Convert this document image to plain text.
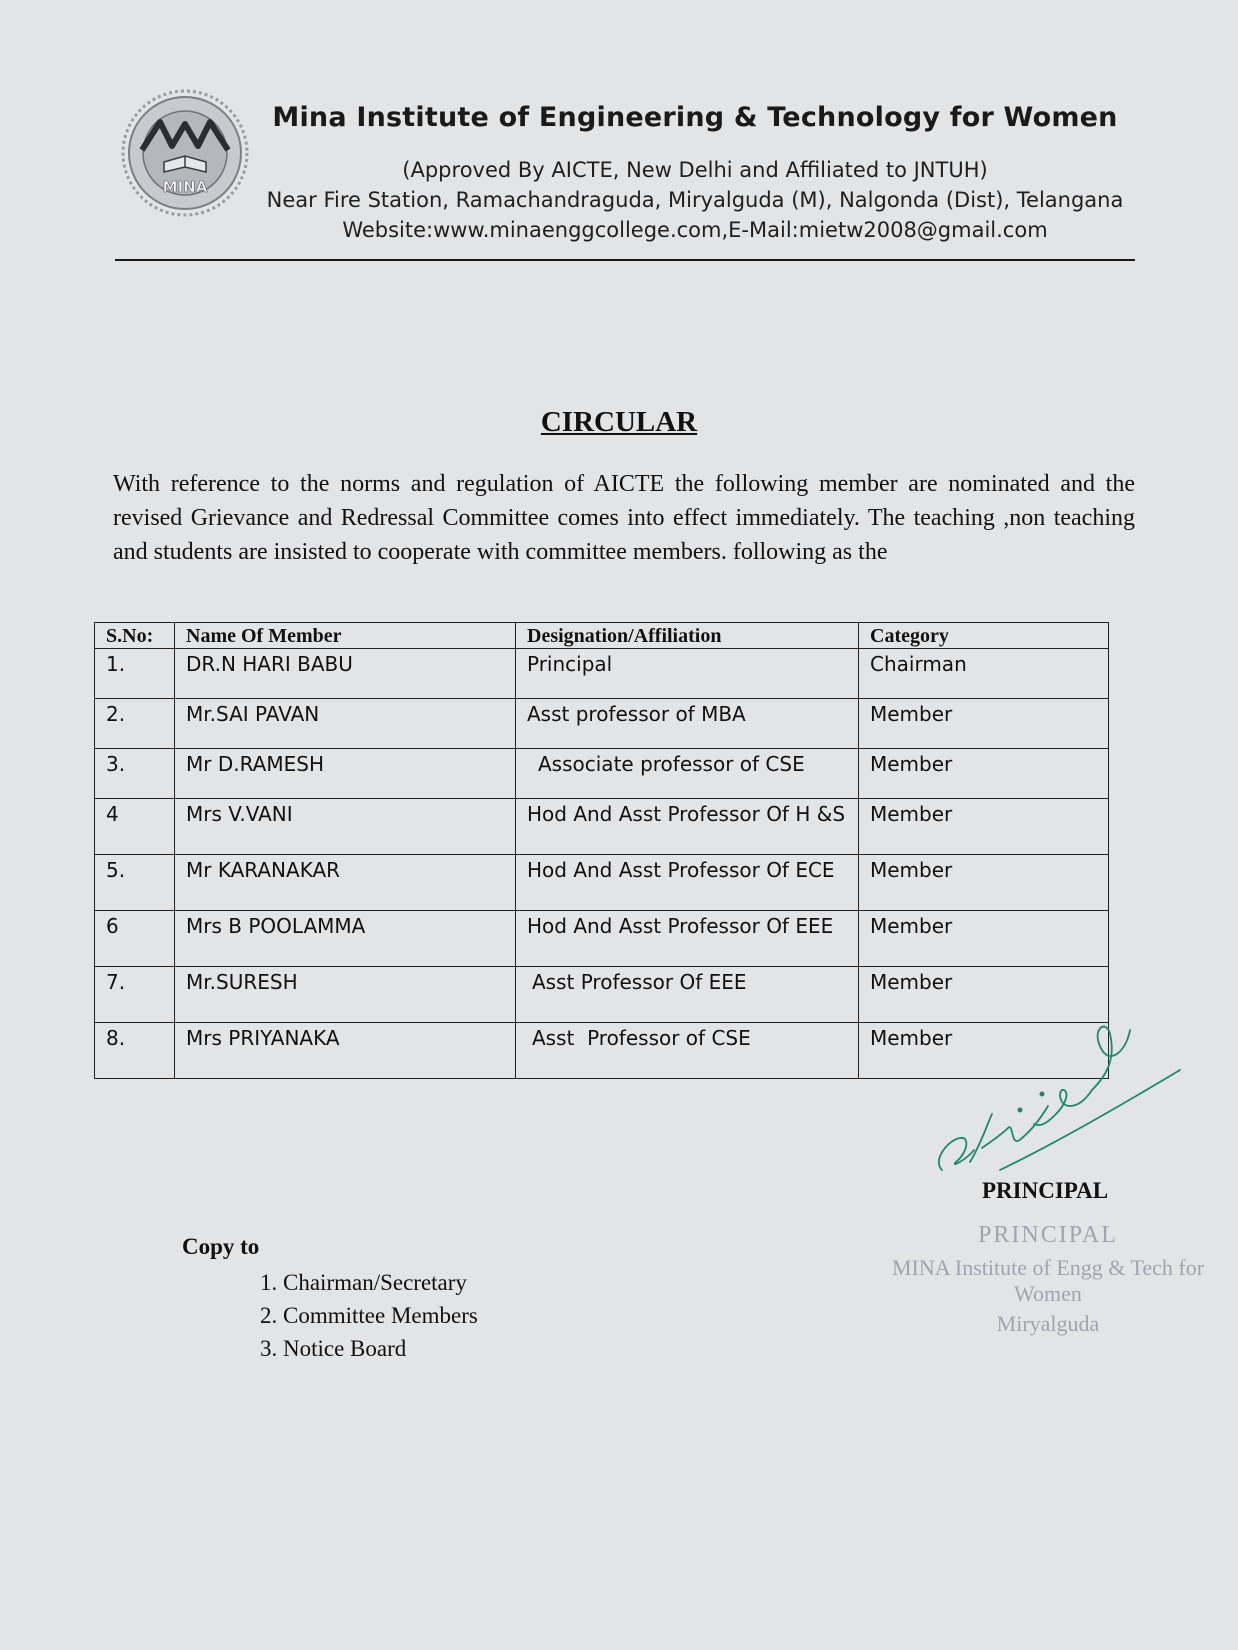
MINA
Mina Institute of Engineering & Technology for Women
(Approved By AICTE, New Delhi and Affiliated to JNTUH)
Near Fire Station, Ramachandraguda, Miryalguda (M), Nalgonda (Dist), Telangana
Website:www.minaenggcollege.com,E-Mail:mietw2008@gmail.com
CIRCULAR
With reference to the norms and regulation of AICTE the following member are nominated and the revised Grievance and Redressal Committee comes into effect immediately. The teaching ,non teaching and students are insisted to cooperate with committee members. following as the
S.No:	Name Of Member	Designation/Affiliation	Category
1.	DR.N HARI BABU	Principal	Chairman
2.	Mr.SAI PAVAN	Asst professor of MBA	Member
3.	Mr D.RAMESH	Associate professor of CSE	Member
4	Mrs V.VANI	Hod And Asst Professor Of H &S	Member
5.	Mr KARANAKAR	Hod And Asst Professor Of ECE	Member
6	Mrs B POOLAMMA	Hod And Asst Professor Of EEE	Member
7.	Mr.SURESH	Asst Professor Of EEE	Member
8.	Mrs PRIYANAKA	Asst  Professor of CSE	Member
PRINCIPAL
PRINCIPAL
MINA Institute of Engg & Tech for Women
Miryalguda
Copy to
1. Chairman/Secretary
2. Committee Members
3. Notice Board
